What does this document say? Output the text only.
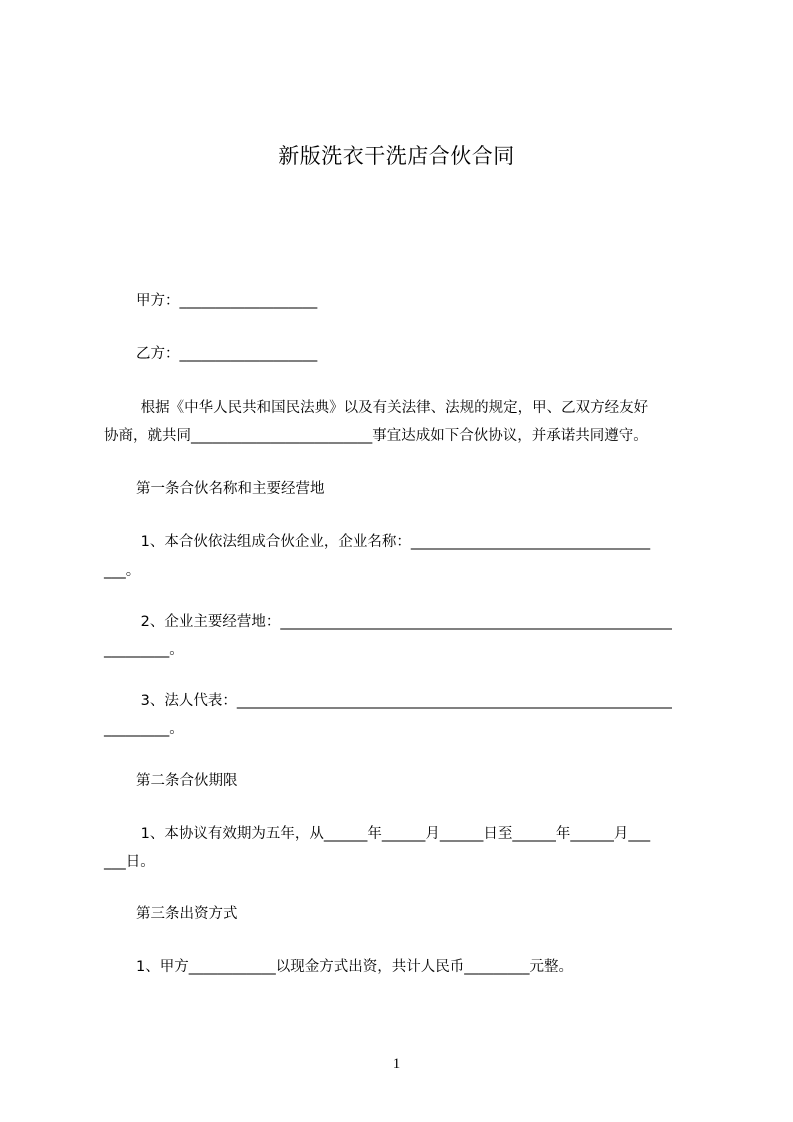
新版洗衣干洗店合伙合同
甲方：___________________
乙方：___________________
根据《中华人民共和国民法典》以及有关法律、法规的规定，甲、乙双方经友好
协商，就共同_________________________事宜达成如下合伙协议，并承诺共同遵守。
第一条合伙名称和主要经营地
1、本合伙依法组成合伙企业，企业名称：_________________________________
___。
2、企业主要经营地：______________________________________________________
_________。
3、法人代表：____________________________________________________________
_________。
第二条合伙期限
1、本协议有效期为五年，从______年______月______日至______年______月___
___日。
第三条出资方式
1、甲方____________以现金方式出资，共计人民币_________元整。
1
